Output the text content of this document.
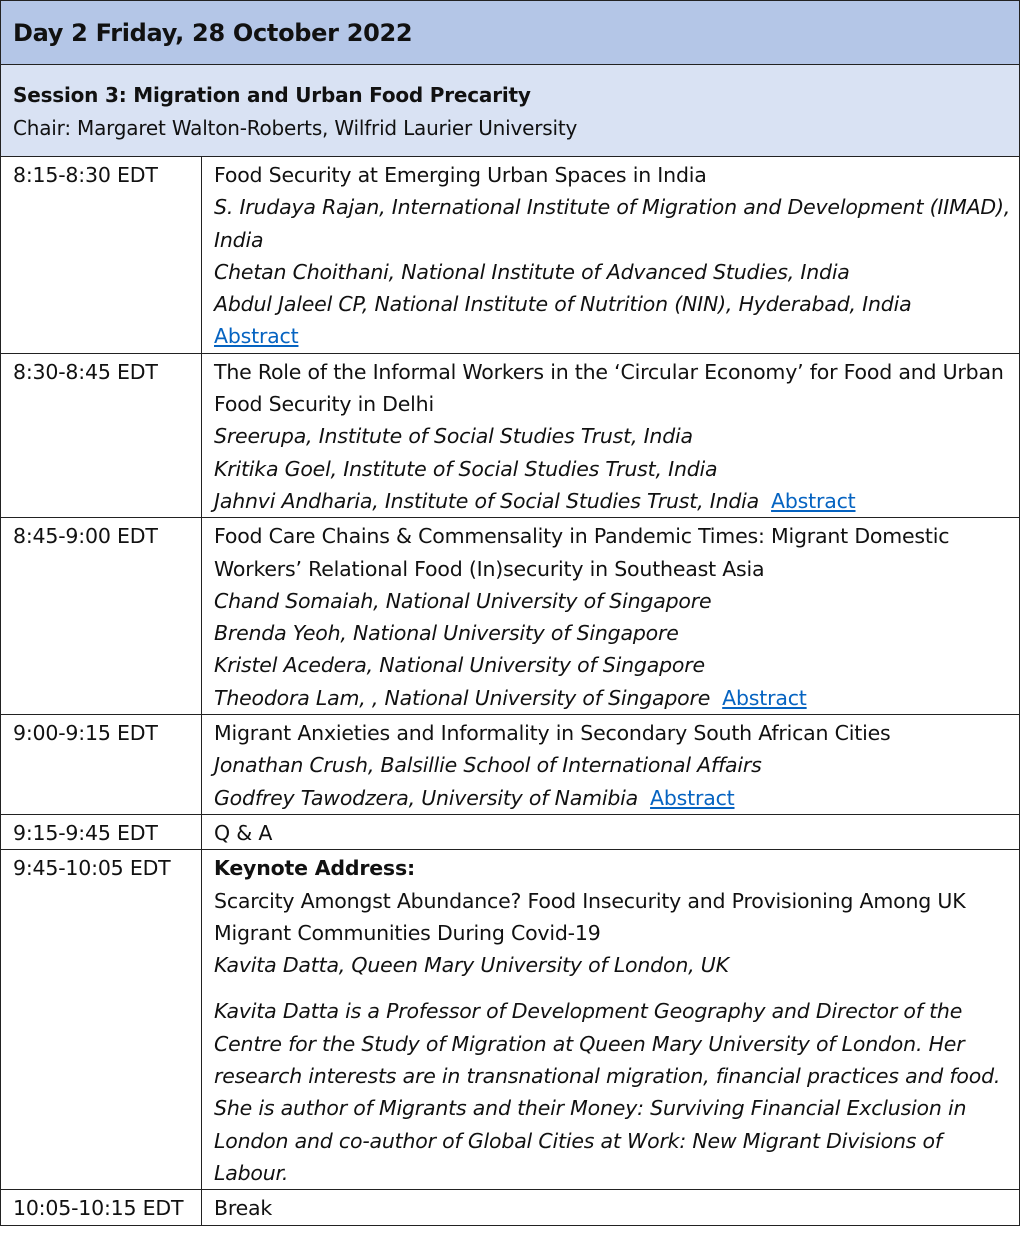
Day 2 Friday, 28 October 2022
Session 3: Migration and Urban Food Precarity
Chair: Margaret Walton-Roberts, Wilfrid Laurier University
8:15-8:30 EDT	Food Security at Emerging Urban Spaces in India
S. Irudaya Rajan, International Institute of Migration and Development (IIMAD), India
Chetan Choithani, National Institute of Advanced Studies, India
Abdul Jaleel CP, National Institute of Nutrition (NIN), Hyderabad, India
Abstract
8:30-8:45 EDT	The Role of the Informal Workers in the ‘Circular Economy’ for Food and Urban Food Security in Delhi
Sreerupa, Institute of Social Studies Trust, India
Kritika Goel, Institute of Social Studies Trust, India
Jahnvi Andharia, Institute of Social Studies Trust, India Abstract

8:45-9:00 EDT	Food Care Chains & Commensality in Pandemic Times: Migrant Domestic Workers’ Relational Food (In)security in Southeast Asia
Chand Somaiah, National University of Singapore
Brenda Yeoh, National University of Singapore
Kristel Acedera, National University of Singapore
Theodora Lam, , National University of Singapore Abstract

9:00-9:15 EDT	Migrant Anxieties and Informality in Secondary South African Cities
Jonathan Crush, Balsillie School of International Affairs
Godfrey Tawodzera, University of Namibia Abstract

9:15-9:45 EDT	Q & A

9:45-10:05 EDT	Keynote Address:
Scarcity Amongst Abundance? Food Insecurity and Provisioning Among UK Migrant Communities During Covid-19
Kavita Datta, Queen Mary University of London, UK
Kavita Datta is a Professor of Development Geography and Director of the Centre for the Study of Migration at Queen Mary University of London. Her research interests are in transnational migration, financial practices and food. She is author of Migrants and their Money: Surviving Financial Exclusion in London and co-author of Global Cities at Work: New Migrant Divisions of Labour.

10:05-10:15 EDT	Break
